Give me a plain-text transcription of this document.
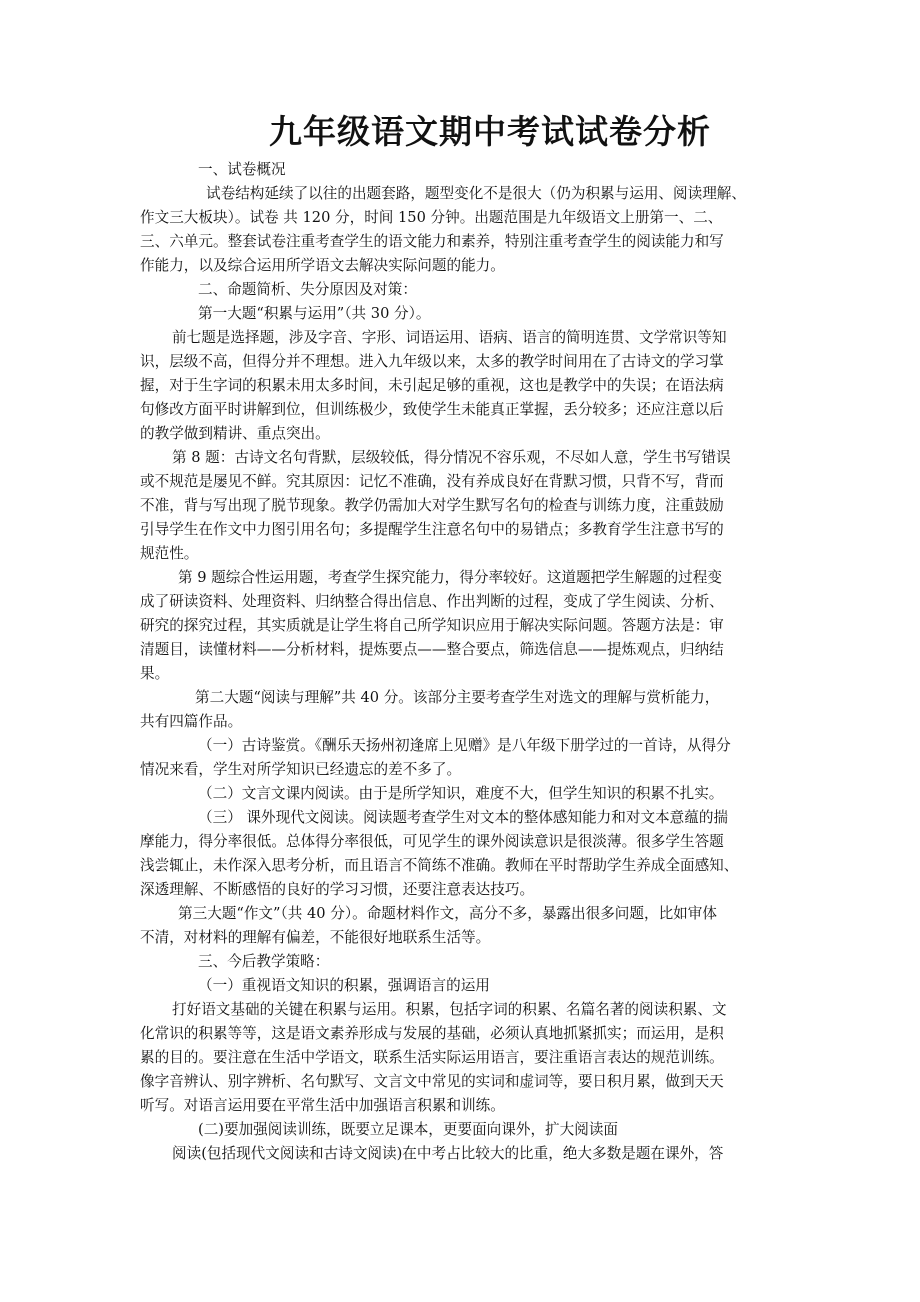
九年级语文期中考试试卷分析

一、试卷概况

试卷结构延续了以往的出题套路，题型变化不是很大（仍为积累与运用、阅读理解、
作文三大板块）。试卷 共 120 分，时间 150 分钟。出题范围是九年级语文上册第一、二、
三、六单元。整套试卷注重考查学生的语文能力和素养，特别注重考查学生的阅读能力和写
作能力，以及综合运用所学语文去解决实际问题的能力。

二、命题简析、失分原因及对策：

第一大题“积累与运用”（共 30 分）。

前七题是选择题，涉及字音、字形、词语运用、语病、语言的简明连贯、文学常识等知
识，层级不高，但得分并不理想。进入九年级以来，太多的教学时间用在了古诗文的学习掌
握，对于生字词的积累未用太多时间，未引起足够的重视，这也是教学中的失误；在语法病
句修改方面平时讲解到位，但训练极少，致使学生未能真正掌握，丢分较多；还应注意以后
的教学做到精讲、重点突出。

第 8 题：古诗文名句背默，层级较低，得分情况不容乐观，不尽如人意，学生书写错误
或不规范是屡见不鲜。究其原因：记忆不准确，没有养成良好在背默习惯，只背不写，背而
不准，背与写出现了脱节现象。教学仍需加大对学生默写名句的检查与训练力度，注重鼓励
引导学生在作文中力图引用名句；多提醒学生注意名句中的易错点；多教育学生注意书写的
规范性。

第 9 题综合性运用题，考查学生探究能力，得分率较好。这道题把学生解题的过程变
成了研读资料、处理资料、归纳整合得出信息、作出判断的过程，变成了学生阅读、分析、
研究的探究过程，其实质就是让学生将自己所学知识应用于解决实际问题。答题方法是：审
清题目，读懂材料——分析材料，提炼要点——整合要点，筛选信息——提炼观点，归纳结
果。

第二大题“阅读与理解”共 40 分。该部分主要考查学生对选文的理解与赏析能力，
共有四篇作品。

（一）古诗鉴赏。《酬乐天扬州初逢席上见赠》是八年级下册学过的一首诗，从得分
情况来看，学生对所学知识已经遗忘的差不多了。

（二）文言文课内阅读。由于是所学知识，难度不大，但学生知识的积累不扎实。

（三） 课外现代文阅读。阅读题考查学生对文本的整体感知能力和对文本意蕴的揣
摩能力，得分率很低。总体得分率很低，可见学生的课外阅读意识是很淡薄。很多学生答题
浅尝辄止，未作深入思考分析，而且语言不简练不准确。教师在平时帮助学生养成全面感知、
深透理解、不断感悟的良好的学习习惯，还要注意表达技巧。

第三大题“作文”（共 40 分）。命题材料作文，高分不多，暴露出很多问题，比如审体
不清，对材料的理解有偏差，不能很好地联系生活等。

三、今后教学策略：

（一）重视语文知识的积累，强调语言的运用

打好语文基础的关键在积累与运用。积累，包括字词的积累、名篇名著的阅读积累、文
化常识的积累等等，这是语文素养形成与发展的基础，必须认真地抓紧抓实；而运用，是积
累的目的。要注意在生活中学语文，联系生活实际运用语言，要注重语言表达的规范训练。
像字音辨认、别字辨析、名句默写、文言文中常见的实词和虚词等，要日积月累，做到天天
听写。对语言运用要在平常生活中加强语言积累和训练。

(二)要加强阅读训练，既要立足课本，更要面向课外，扩大阅读面

阅读(包括现代文阅读和古诗文阅读)在中考占比较大的比重，绝大多数是题在课外，答
